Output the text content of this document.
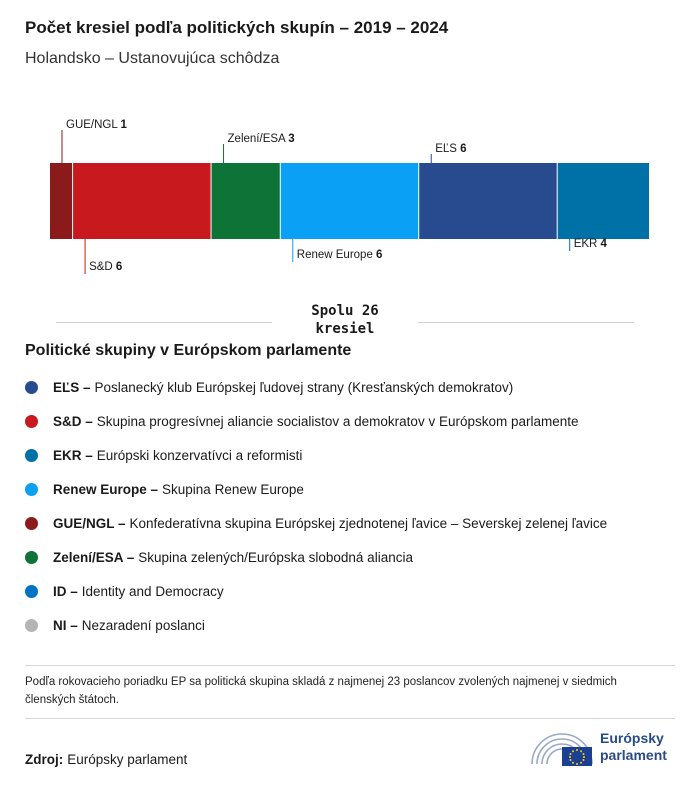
Počet kresiel podľa politických skupín – 2019 – 2024
Holandsko – Ustanovujúca schôdza
GUE/NGL 1
S&D 6
Zelení/ESA 3
Renew Europe 6
EĽS 6
EKR 4
Spolu 26
kresiel
Politické skupiny v Európskom parlamente
EĽS – Poslanecký klub Európskej ľudovej strany (Kresťanských demokratov)
S&D – Skupina progresívnej aliancie socialistov a demokratov v Európskom parlamente
EKR – Európski konzervatívci a reformisti
Renew Europe – Skupina Renew Europe
GUE/NGL – Konfederatívna skupina Európskej zjednotenej ľavice – Severskej zelenej ľavice
Zelení/ESA – Skupina zelených/Európska slobodná aliancia
ID – Identity and Democracy
NI – Nezaradení poslanci
Podľa rokovacieho poriadku EP sa politická skupina skladá z najmenej 23 poslancov zvolených najmenej v siedmich členských štátoch.
Zdroj: Európsky parlament
Európsky
parlament
